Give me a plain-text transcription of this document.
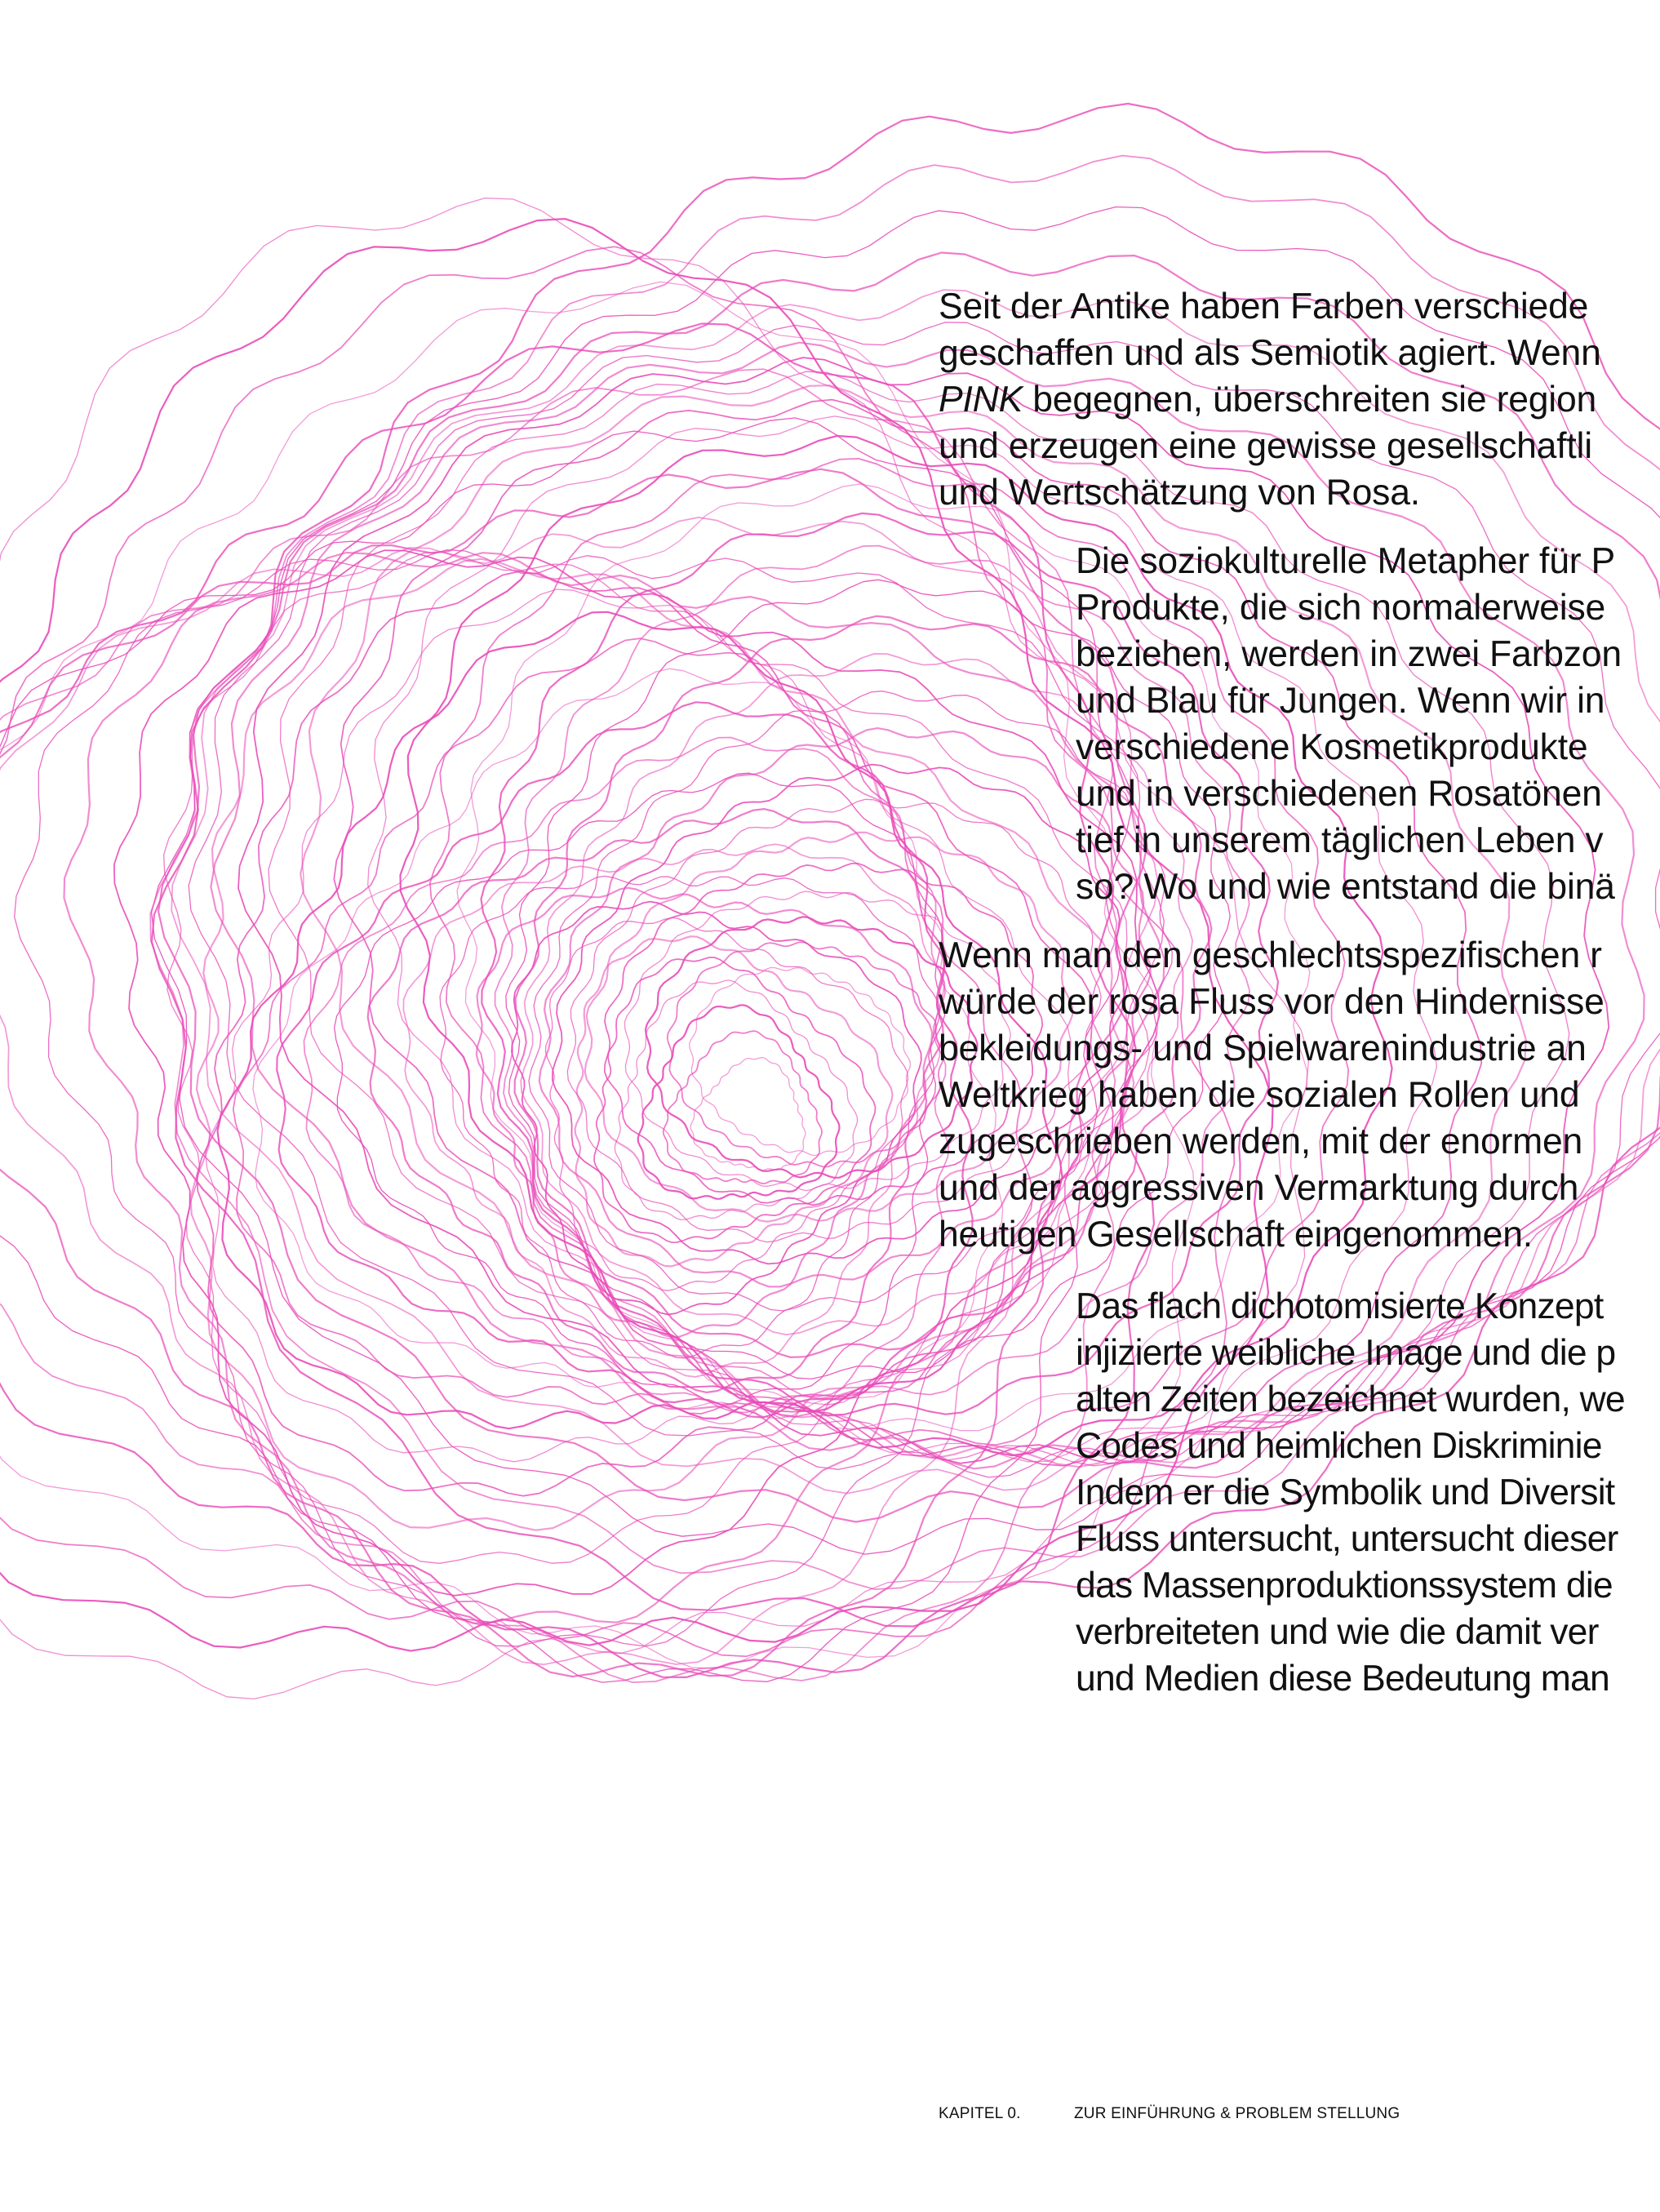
Seit der Antike haben Farben verschiede
geschaffen und als Semiotik agiert. Wenn
PINK begegnen, überschreiten sie region
und erzeugen eine gewisse gesellschaftli
und Wertschätzung von Rosa.

Die soziokulturelle Metapher für P
Produkte, die sich normalerweise
beziehen, werden in zwei Farbzon
und Blau für Jungen. Wenn wir in
verschiedene Kosmetikprodukte
und in verschiedenen Rosatönen
tief in unserem täglichen Leben v
so? Wo und wie entstand die binä

Wenn man den geschlechtsspezifischen r
würde der rosa Fluss vor den Hindernisse
bekleidungs- und Spielwarenindustrie an
Weltkrieg haben die sozialen Rollen und
zugeschrieben werden, mit der enormen
und der aggressiven Vermarktung durch
heutigen Gesellschaft eingenommen.

Das flach dichotomisierte Konzept
injizierte weibliche Image und die p
alten Zeiten bezeichnet wurden, we
Codes und heimlichen Diskriminie
Indem er die Symbolik und Diversit
Fluss untersucht, untersucht dieser
das Massenproduktionssystem die
verbreiteten und wie die damit ver
und Medien diese Bedeutung man

KAPITEL 0.	ZUR EINFÜHRUNG & PROBLEM STELLUNG
